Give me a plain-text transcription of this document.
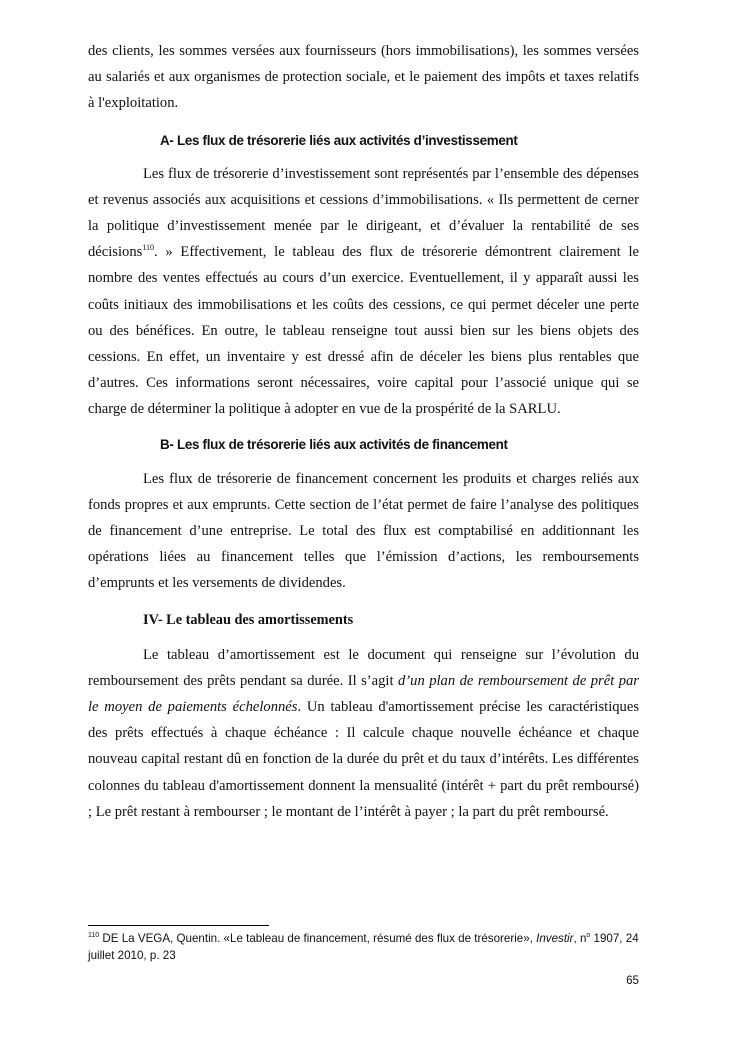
des clients, les sommes versées aux fournisseurs (hors immobilisations), les sommes versées au salariés et aux organismes de protection sociale, et le paiement des impôts et taxes relatifs à l'exploitation.

A- Les flux de trésorerie liés aux activités d’investissement

Les flux de trésorerie d’investissement sont représentés par l’ensemble des dépenses et revenus associés aux acquisitions et cessions d’immobilisations. « Ils permettent de cerner la politique d’investissement menée par le dirigeant, et d’évaluer la rentabilité de ses décisions$^{110}$. » Effectivement, le tableau des flux de trésorerie démontrent clairement le nombre des ventes effectués au cours d’un exercice. Eventuellement, il y apparaît aussi les coûts initiaux des immobilisations et les coûts des cessions, ce qui permet déceler une perte ou des bénéfices. En outre, le tableau renseigne tout aussi bien sur les biens objets des cessions. En effet, un inventaire y est dressé afin de déceler les biens plus rentables que d’autres. Ces informations seront nécessaires, voire capital pour l’associé unique qui se charge de déterminer la politique à adopter en vue de la prospérité de la SARLU.

B- Les flux de trésorerie liés aux activités de financement

Les flux de trésorerie de financement concernent les produits et charges reliés aux fonds propres et aux emprunts. Cette section de l’état permet de faire l’analyse des politiques de financement d’une entreprise. Le total des flux est comptabilisé en additionnant les opérations liées au financement telles que l’émission d’actions, les remboursements d’emprunts et les versements de dividendes.

IV- Le tableau des amortissements

Le tableau d’amortissement est le document qui renseigne sur l’évolution du remboursement des prêts pendant sa durée. Il s’agit d’un plan de remboursement de prêt par le moyen de paiements échelonnés. Un tableau d'amortissement précise les caractéristiques des prêts effectués à chaque échéance : Il calcule chaque nouvelle échéance et chaque nouveau capital restant dû en fonction de la durée du prêt et du taux d’intérêts. Les différentes colonnes du tableau d'amortissement donnent la mensualité (intérêt + part du prêt remboursé) ; Le prêt restant à rembourser ; le montant de l’intérêt à payer ; la part du prêt remboursé.

$^{110}$ DE La VEGA, Quentin. «Le tableau de financement, résumé des flux de trésorerie», Investir, $n^o$ 1907, 24 juillet 2010, p. 23

65
